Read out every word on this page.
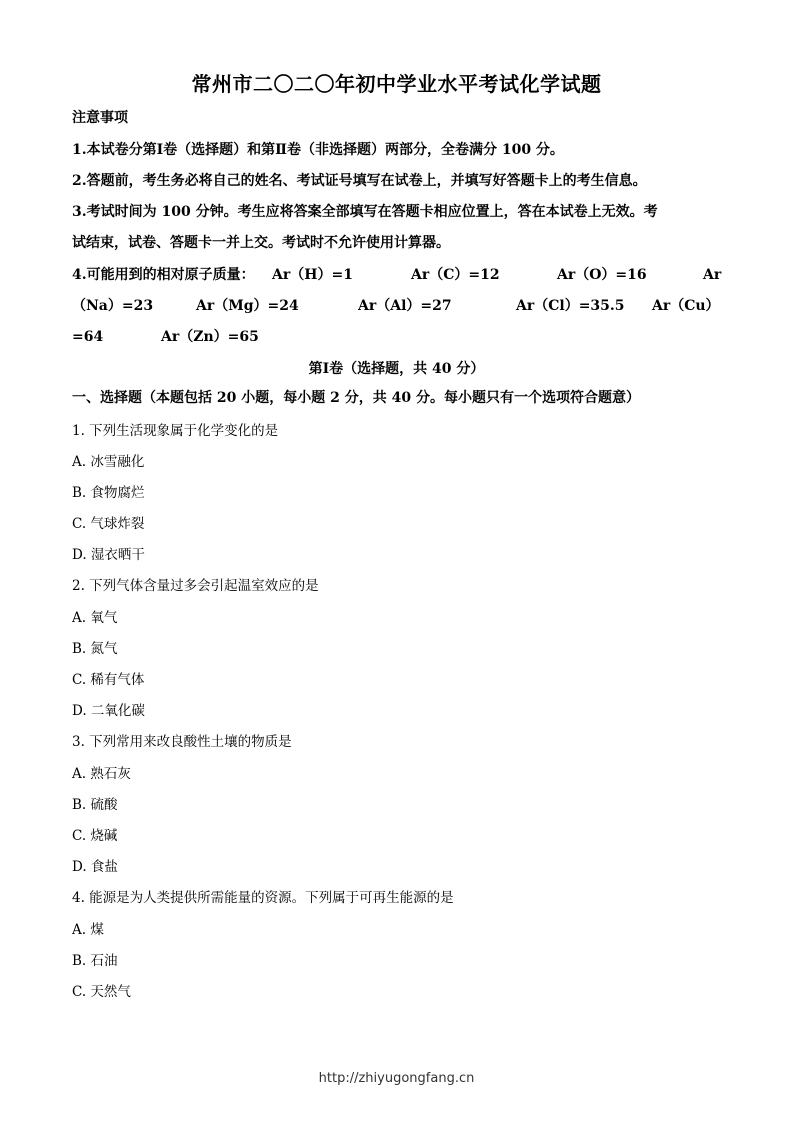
常州市二〇二〇年初中学业水平考试化学试题
注意事项
1.本试卷分第Ⅰ卷（选择题）和第Ⅱ卷（非选择题）两部分，全卷满分 100 分。
2.答题前，考生务必将自己的姓名、考试证号填写在试卷上，并填写好答题卡上的考生信息。
3.考试时间为 100 分钟。考生应将答案全部填写在答题卡相应位置上，答在本试卷上无效。考
试结束，试卷、答题卡一并上交。考试时不允许使用计算器。
4.可能用到的相对原子质量： Ar（H）=1	Ar（C）=12	Ar（O）=16	Ar
（Na）=23	Ar（Mg）=24	Ar（Al）=27	Ar（Cl）=35.5 Ar（Cu）
=64	Ar（Zn）=65
第Ⅰ卷（选择题，共 40 分）
一、选择题（本题包括 20 小题，每小题 2 分，共 40 分。每小题只有一个选项符合题意）
1. 下列生活现象属于化学变化的是
A. 冰雪融化
B. 食物腐烂
C. 气球炸裂
D. 湿衣晒干
2. 下列气体含量过多会引起温室效应的是
A. 氧气
B. 氮气
C. 稀有气体
D. 二氧化碳
3. 下列常用来改良酸性土壤的物质是
A. 熟石灰
B. 硫酸
C. 烧碱
D. 食盐
4. 能源是为人类提供所需能量的资源。下列属于可再生能源的是
A. 煤
B. 石油
C. 天然气
http://zhiyugongfang.cn
